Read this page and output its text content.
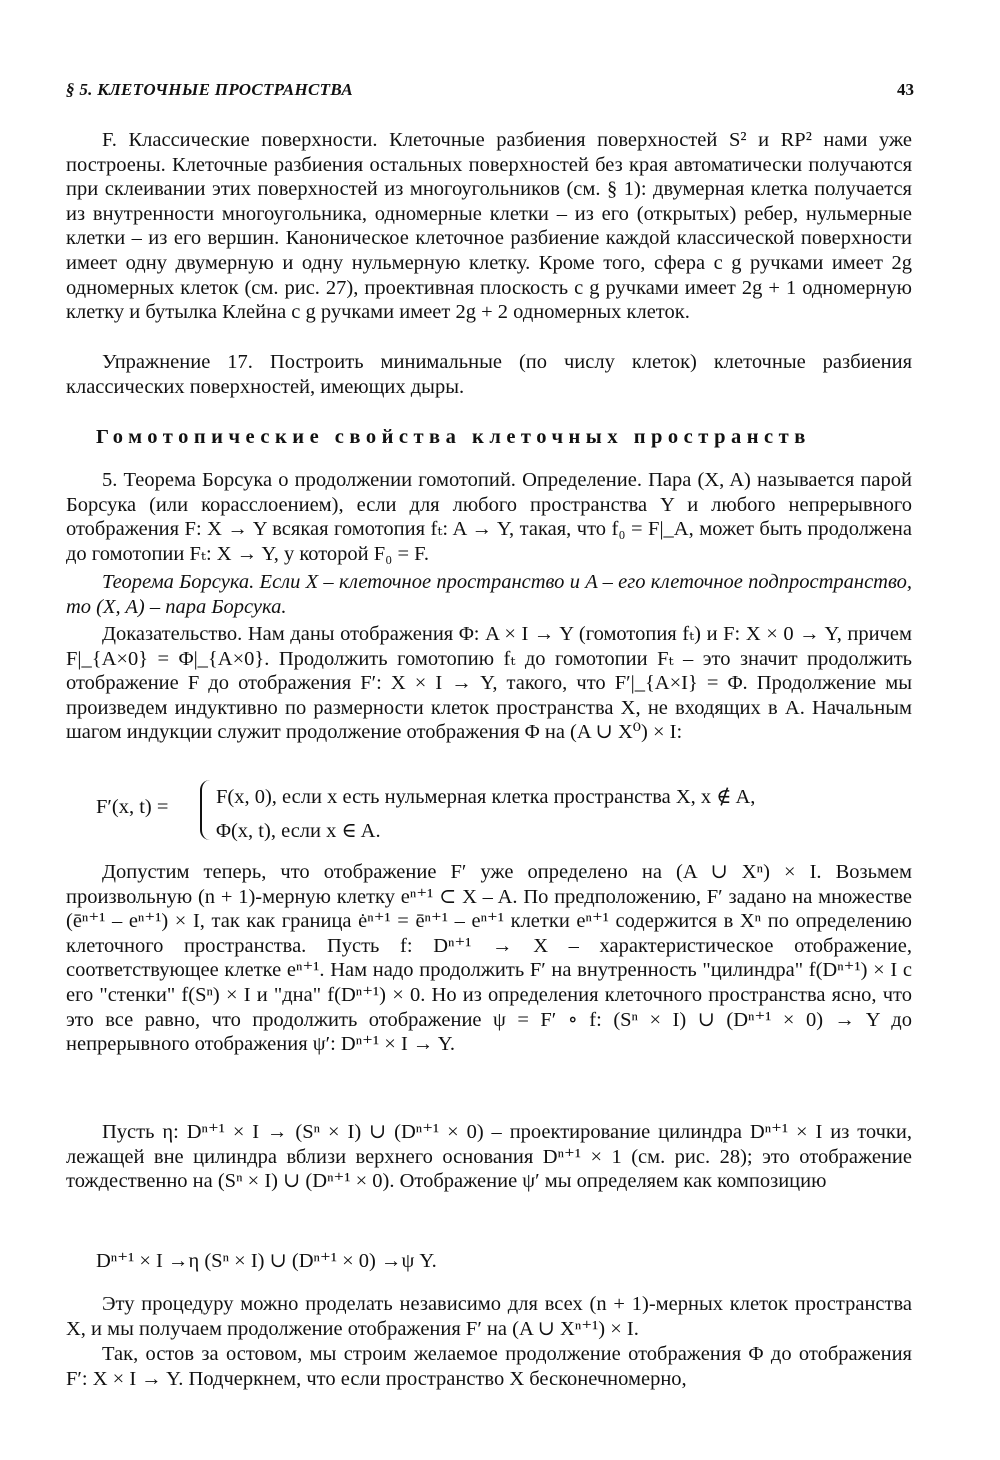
§ 5. КЛЕТОЧНЫЕ ПРОСТРАНСТВА	43
F. Классические поверхности. Клеточные разбиения поверхностей S² и RP² нами уже построены. Клеточные разбиения остальных поверхностей без края автоматически получаются при склеивании этих поверхностей из многоугольников (см. § 1): двумерная клетка получается из внутренности многоугольника, одномерные клетки – из его (открытых) ребер, нульмерные клетки – из его вершин. Каноническое клеточное разбиение каждой классической поверхности имеет одну двумерную и одну нульмерную клетку. Кроме того, сфера с g ручками имеет 2g одномерных клеток (см. рис. 27), проективная плоскость с g ручками имеет 2g + 1 одномерную клетку и бутылка Клейна с g ручками имеет 2g + 2 одномерных клеток.
Упражнение 17. Построить минимальные (по числу клеток) клеточные разбиения классических поверхностей, имеющих дыры.
Гомотопические свойства клеточных пространств
5. Теорема Борсука о продолжении гомотопий. Определение. Пара (X, A) называется парой Борсука (или корасслоением), если для любого пространства Y и любого непрерывного отображения F: X → Y всякая гомотопия fₜ: A → Y, такая, что f₀ = F|_A, может быть продолжена до гомотопии Fₜ: X → Y, у которой F₀ = F.
Теорема Борсука. Если X – клеточное пространство и A – его клеточное подпространство, то (X, A) – пара Борсука.
Доказательство. Нам даны отображения Φ: A × I → Y (гомотопия fₜ) и F: X × 0 → Y, причем F|_{A×0} = Φ|_{A×0}. Продолжить гомотопию fₜ до гомотопии Fₜ – это значит продолжить отображение F до отображения F′: X × I → Y, такого, что F′|_{A×I} = Φ. Продолжение мы произведем индуктивно по размерности клеток пространства X, не входящих в A. Начальным шагом индукции служит продолжение отображения Φ на (A ∪ X⁰) × I:
F′(x, t) = F(x, 0), если x есть нульмерная клетка пространства X, x ∉ A,
Φ(x, t), если x ∈ A.
Допустим теперь, что отображение F′ уже определено на (A ∪ Xⁿ) × I. Возьмем произвольную (n + 1)-мерную клетку eⁿ⁺¹ ⊂ X – A. По предположению, F′ задано на множестве (ēⁿ⁺¹ – eⁿ⁺¹) × I, так как граница ėⁿ⁺¹ = ēⁿ⁺¹ – eⁿ⁺¹ клетки eⁿ⁺¹ содержится в Xⁿ по определению клеточного пространства. Пусть f: Dⁿ⁺¹ → X – характеристическое отображение, соответствующее клетке eⁿ⁺¹. Нам надо продолжить F′ на внутренность "цилиндра" f(Dⁿ⁺¹) × I с его "стенки" f(Sⁿ) × I и "дна" f(Dⁿ⁺¹) × 0. Но из определения клеточного пространства ясно, что это все равно, что продолжить отображение ψ = F′ ∘ f: (Sⁿ × I) ∪ (Dⁿ⁺¹ × 0) → Y до непрерывного отображения ψ′: Dⁿ⁺¹ × I → Y.
Пусть η: Dⁿ⁺¹ × I → (Sⁿ × I) ∪ (Dⁿ⁺¹ × 0) – проектирование цилиндра Dⁿ⁺¹ × I из точки, лежащей вне цилиндра вблизи верхнего основания Dⁿ⁺¹ × 1 (см. рис. 28); это отображение тождественно на (Sⁿ × I) ∪ (Dⁿ⁺¹ × 0). Отображение ψ′ мы определяем как композицию
Dⁿ⁺¹ × I →η (Sⁿ × I) ∪ (Dⁿ⁺¹ × 0) →ψ Y.
Эту процедуру можно проделать независимо для всех (n + 1)-мерных клеток пространства X, и мы получаем продолжение отображения F′ на (A ∪ Xⁿ⁺¹) × I.
Так, остов за остовом, мы строим желаемое продолжение отображения Φ до отображения F′: X × I → Y. Подчеркнем, что если пространство X бесконечномерно,
